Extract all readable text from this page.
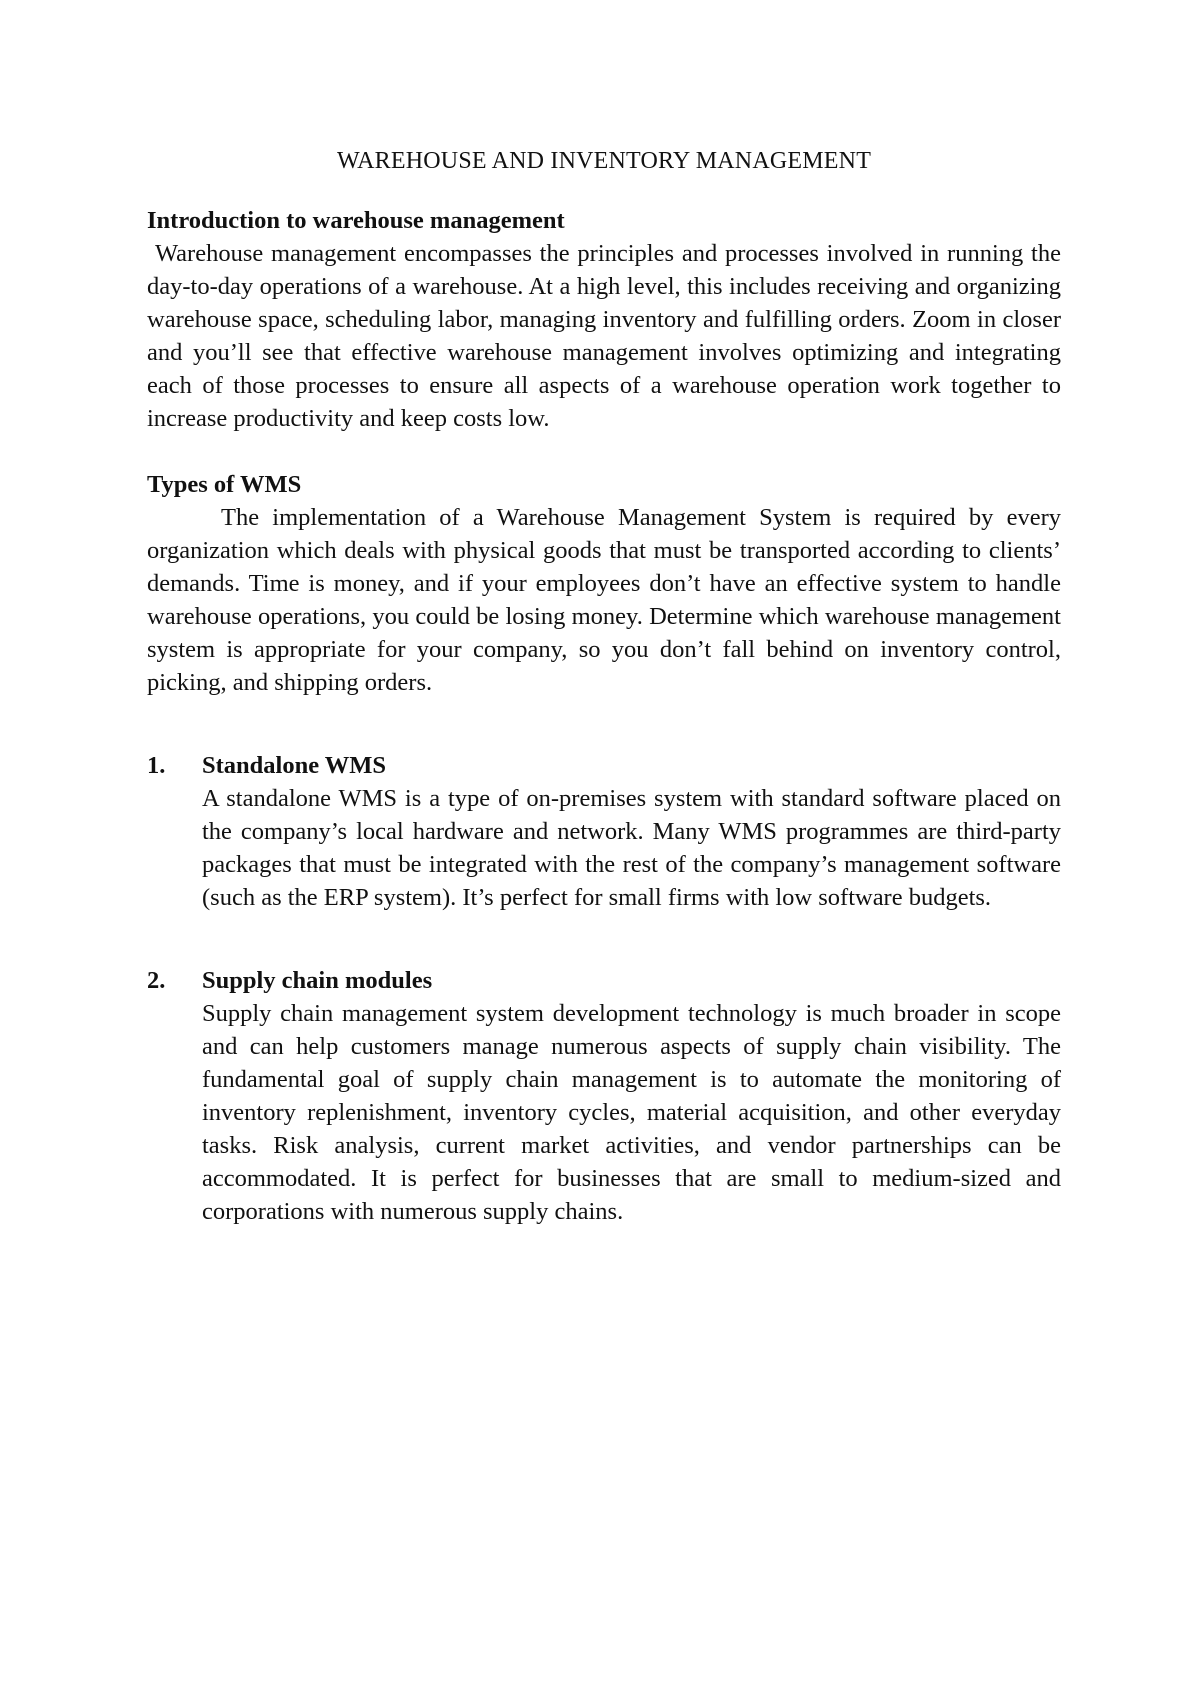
WAREHOUSE AND INVENTORY MANAGEMENT

Introduction to warehouse management

Warehouse management encompasses the principles and processes involved in running the day-to-day operations of a warehouse. At a high level, this includes receiving and organizing warehouse space, scheduling labor, managing inventory and fulfilling orders. Zoom in closer and you’ll see that effective warehouse management involves optimizing and integrating each of those processes to ensure all aspects of a warehouse operation work together to increase productivity and keep costs low.

Types of WMS

The implementation of a Warehouse Management System is required by every organization which deals with physical goods that must be transported according to clients’ demands. Time is money, and if your employees don’t have an effective system to handle warehouse operations, you could be losing money. Determine which warehouse management system is appropriate for your company, so you don’t fall behind on inventory control, picking, and shipping orders.

1. Standalone WMS

A standalone WMS is a type of on-premises system with standard software placed on the company’s local hardware and network. Many WMS programmes are third-party packages that must be integrated with the rest of the company’s management software (such as the ERP system). It’s perfect for small firms with low software budgets.

2. Supply chain modules

Supply chain management system development technology is much broader in scope and can help customers manage numerous aspects of supply chain visibility. The fundamental goal of supply chain management is to automate the monitoring of inventory replenishment, inventory cycles, material acquisition, and other everyday tasks. Risk analysis, current market activities, and vendor partnerships can be accommodated. It is perfect for businesses that are small to medium-sized and corporations with numerous supply chains.
